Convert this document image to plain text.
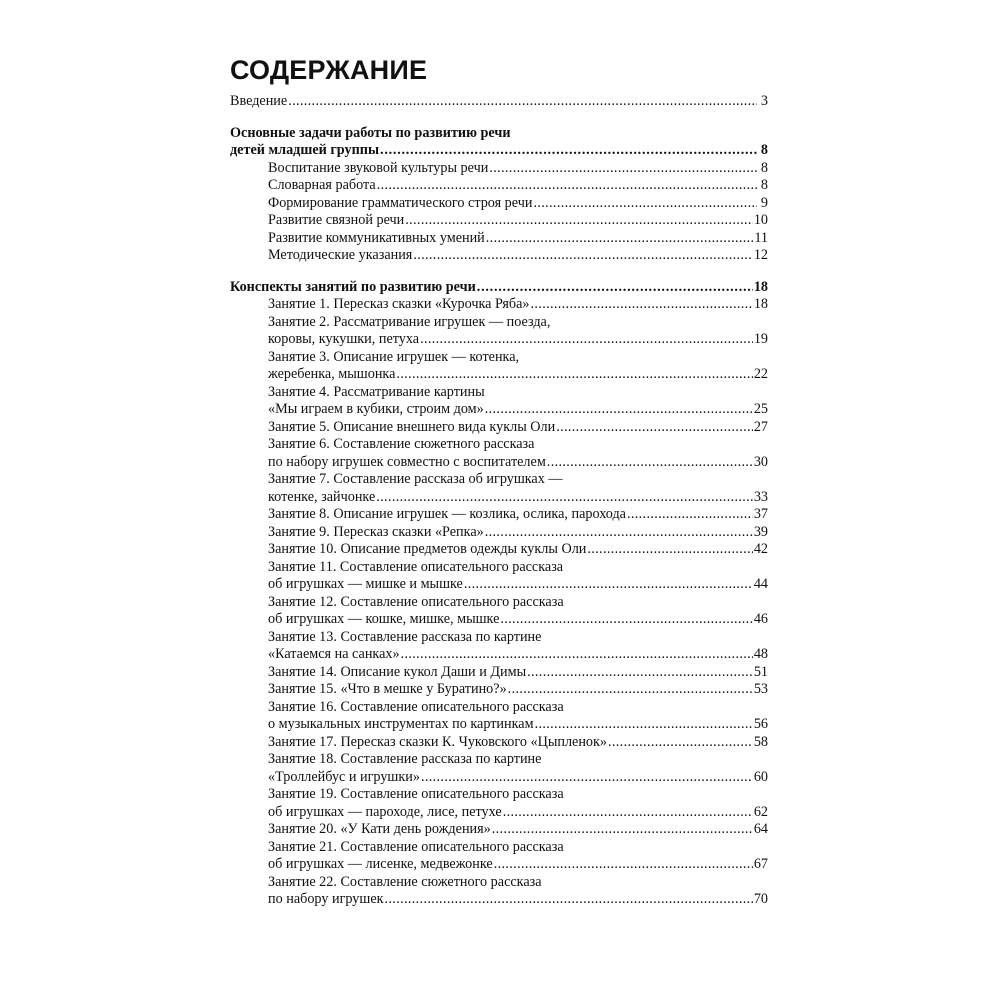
СОДЕРЖАНИЕ
Введение . . .	3
Основные задачи работы по развитию речи
детей младшей группы . . .	8
Воспитание звуковой культуры речи . . .	8
Словарная работа . . .	8
Формирование грамматического строя речи . . .	9
Развитие связной речи . . .	10
Развитие коммуникативных умений . . .	11
Методические указания . . .	12
Конспекты занятий по развитию речи . . .	18
Занятие 1. Пересказ сказки «Курочка Ряба» . . .	18
Занятие 2. Рассматривание игрушек — поезда,
коровы, кукушки, петуха . . .	19
Занятие 3. Описание игрушек — котенка,
жеребенка, мышонка . . .	22
Занятие 4. Рассматривание картины
«Мы играем в кубики, строим дом» . . .	25
Занятие 5. Описание внешнего вида куклы Оли . . .	27
Занятие 6. Составление сюжетного рассказа
по набору игрушек совместно с воспитателем . . .	30
Занятие 7. Составление рассказа об игрушках —
котенке, зайчонке . . .	33
Занятие 8. Описание игрушек — козлика, ослика, парохода . . .	37
Занятие 9. Пересказ сказки «Репка» . . .	39
Занятие 10. Описание предметов одежды куклы Оли . . .	42
Занятие 11. Составление описательного рассказа
об игрушках — мишке и мышке . . .	44
Занятие 12. Составление описательного рассказа
об игрушках — кошке, мишке, мышке . . .	46
Занятие 13. Составление рассказа по картине
«Катаемся на санках» . . .	48
Занятие 14. Описание кукол Даши и Димы . . .	51
Занятие 15. «Что в мешке у Буратино?» . . .	53
Занятие 16. Составление описательного рассказа
о музыкальных инструментах по картинкам . . .	56
Занятие 17. Пересказ сказки К. Чуковского «Цыпленок» . . .	58
Занятие 18. Составление рассказа по картине
«Троллейбус и игрушки» . . .	60
Занятие 19. Составление описательного рассказа
об игрушках — пароходе, лисе, петухе . . .	62
Занятие 20. «У Кати день рождения» . . .	64
Занятие 21. Составление описательного рассказа
об игрушках — лисенке, медвежонке . . .	67
Занятие 22. Составление сюжетного рассказа
по набору игрушек . . .	70
